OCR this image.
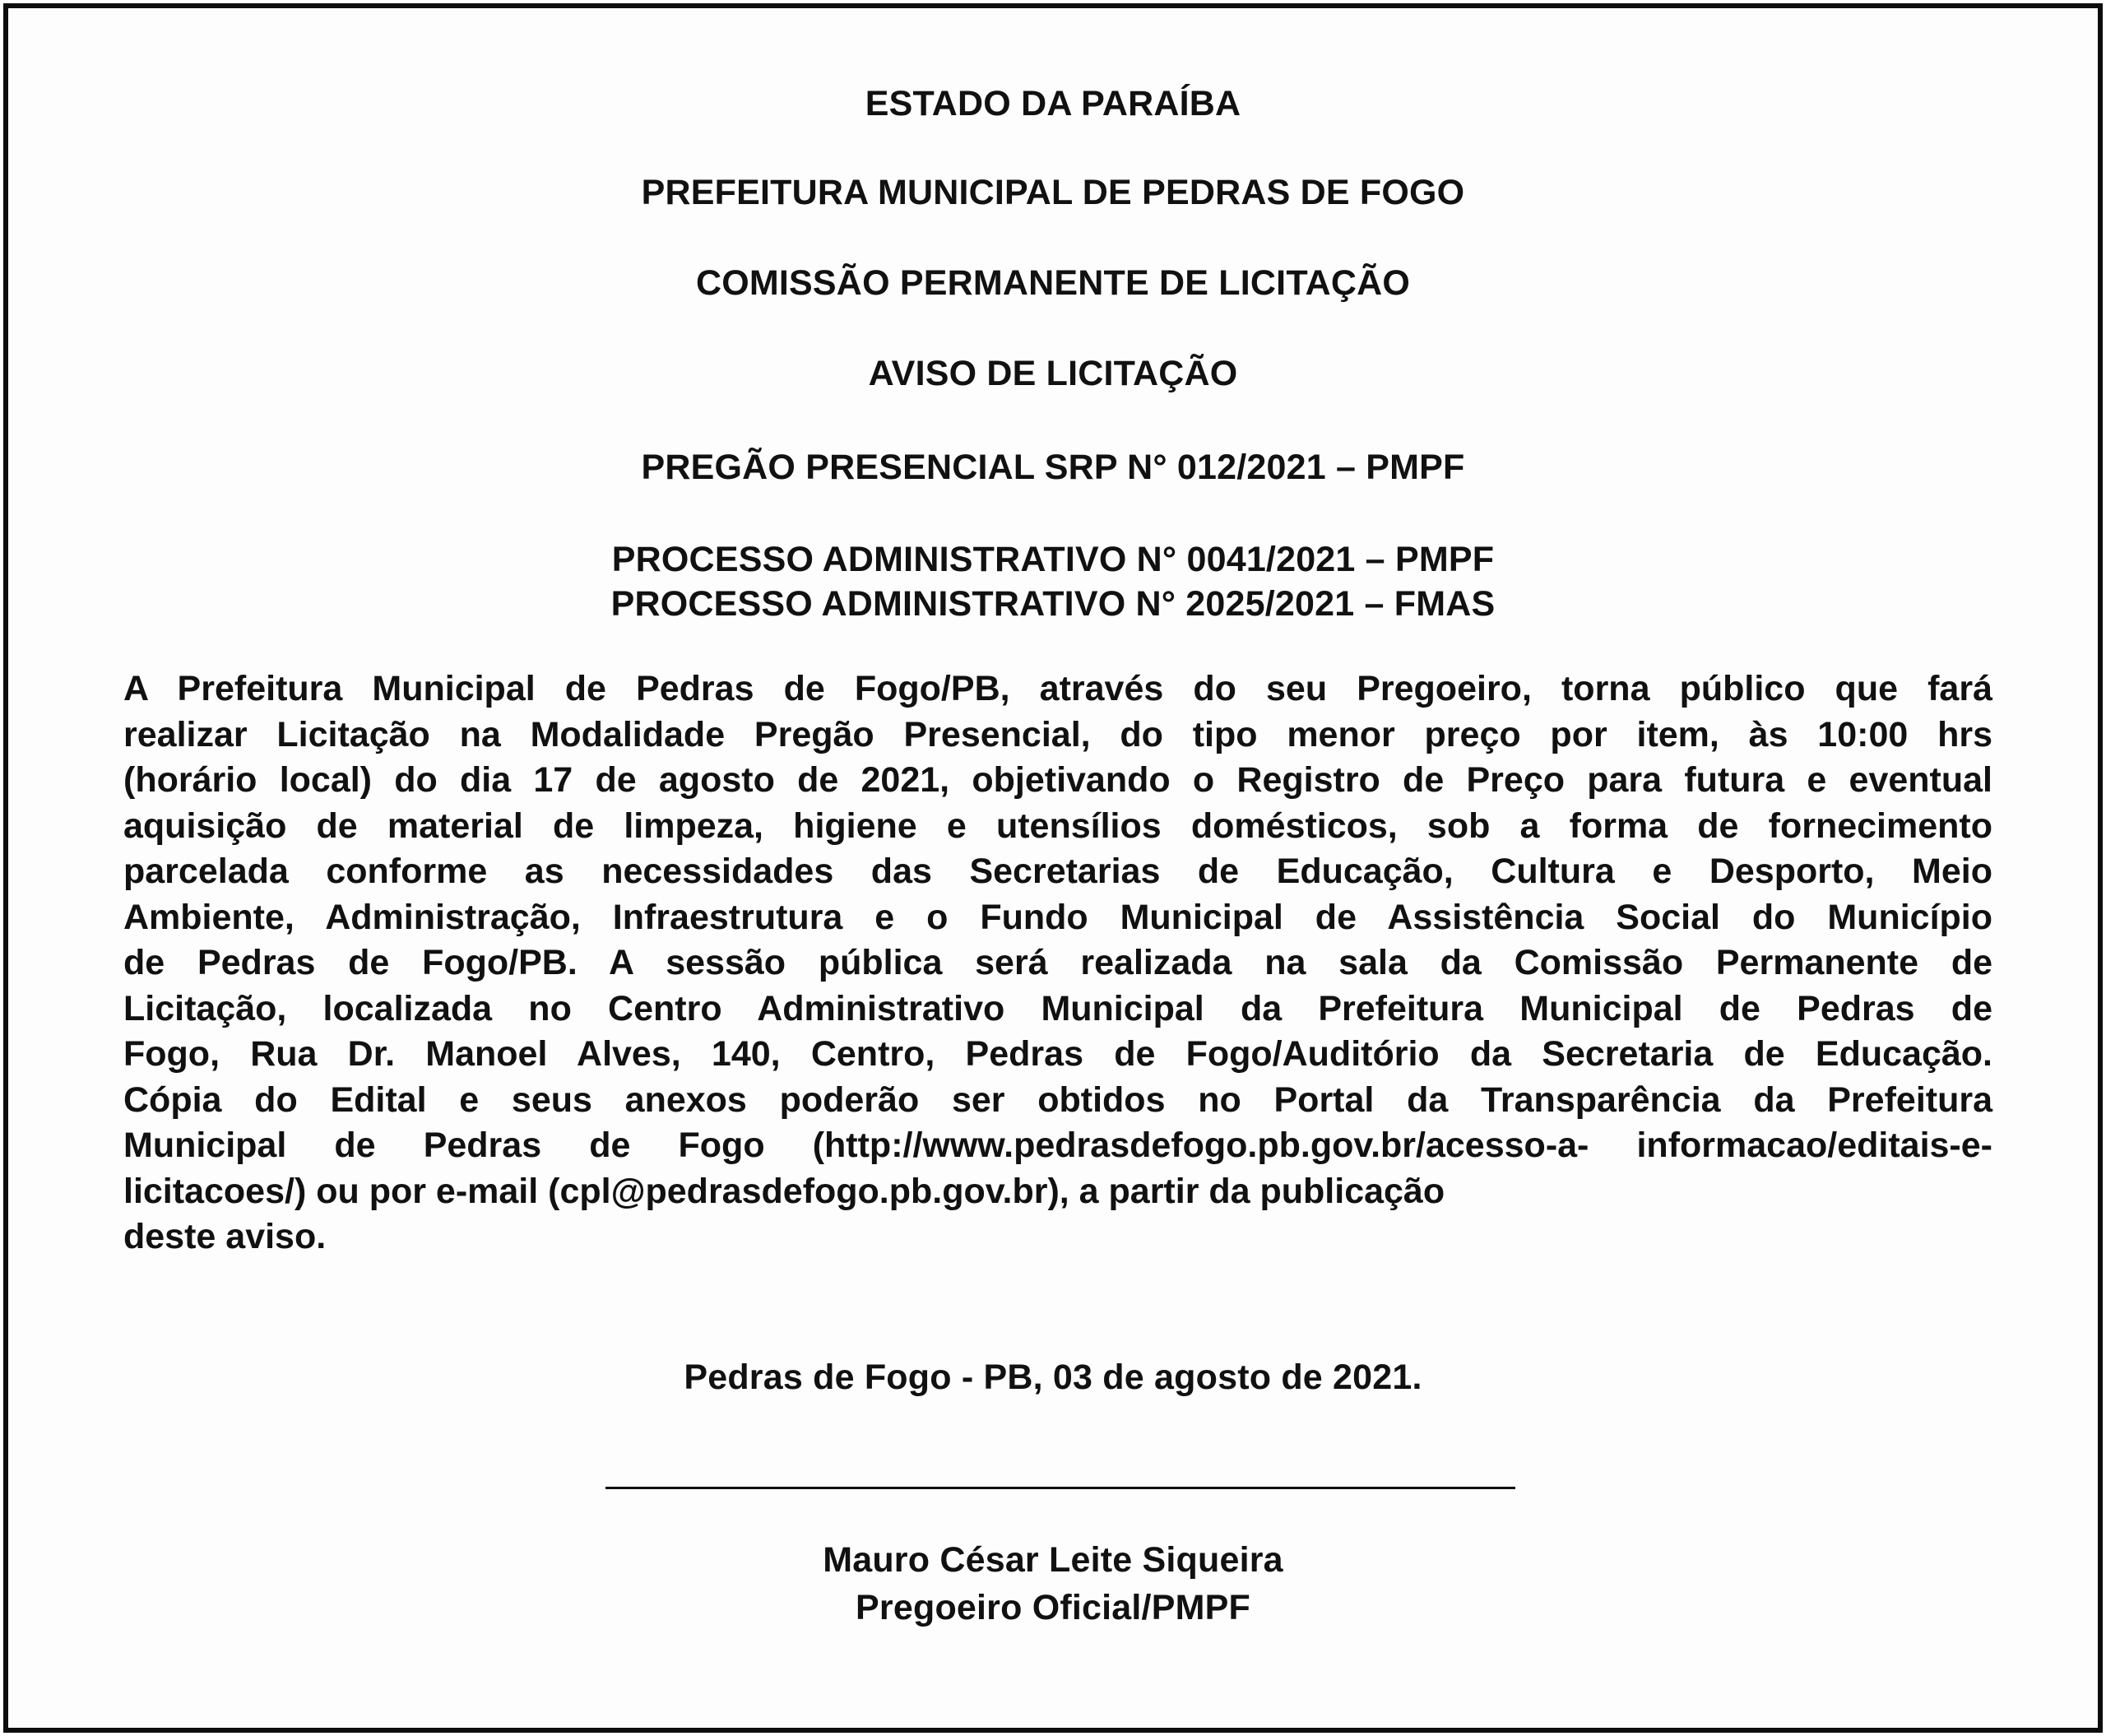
ESTADO DA PARAÍBA
PREFEITURA MUNICIPAL DE PEDRAS DE FOGO
COMISSÃO PERMANENTE DE LICITAÇÃO
AVISO DE LICITAÇÃO
PREGÃO PRESENCIAL SRP N° 012/2021 – PMPF
PROCESSO ADMINISTRATIVO N° 0041/2021 – PMPF
PROCESSO ADMINISTRATIVO N° 2025/2021 – FMAS
A Prefeitura Municipal de Pedras de Fogo/PB, através do seu Pregoeiro, torna público que fará
realizar Licitação na Modalidade Pregão Presencial, do tipo menor preço por item, às 10:00 hrs
(horário local) do dia 17 de agosto de 2021, objetivando o Registro de Preço para futura e eventual
aquisição de material de limpeza, higiene e utensílios domésticos, sob a forma de fornecimento
parcelada conforme as necessidades das Secretarias de Educação, Cultura e Desporto, Meio
Ambiente, Administração, Infraestrutura e o Fundo Municipal de Assistência Social do Município
de Pedras de Fogo/PB. A sessão pública será realizada na sala da Comissão Permanente de
Licitação, localizada no Centro Administrativo Municipal da Prefeitura Municipal de Pedras de
Fogo, Rua Dr. Manoel Alves, 140, Centro, Pedras de Fogo/Auditório da Secretaria de Educação.
Cópia do Edital e seus anexos poderão ser obtidos no Portal da Transparência da Prefeitura
Municipal de Pedras de Fogo (http://www.pedrasdefogo.pb.gov.br/acesso-a- informacao/editais-e-
licitacoes/) ou por e-mail (cpl@pedrasdefogo.pb.gov.br), a partir da publicação
deste aviso.
Pedras de Fogo - PB, 03 de agosto de 2021.
Mauro César Leite Siqueira
Pregoeiro Oficial/PMPF
